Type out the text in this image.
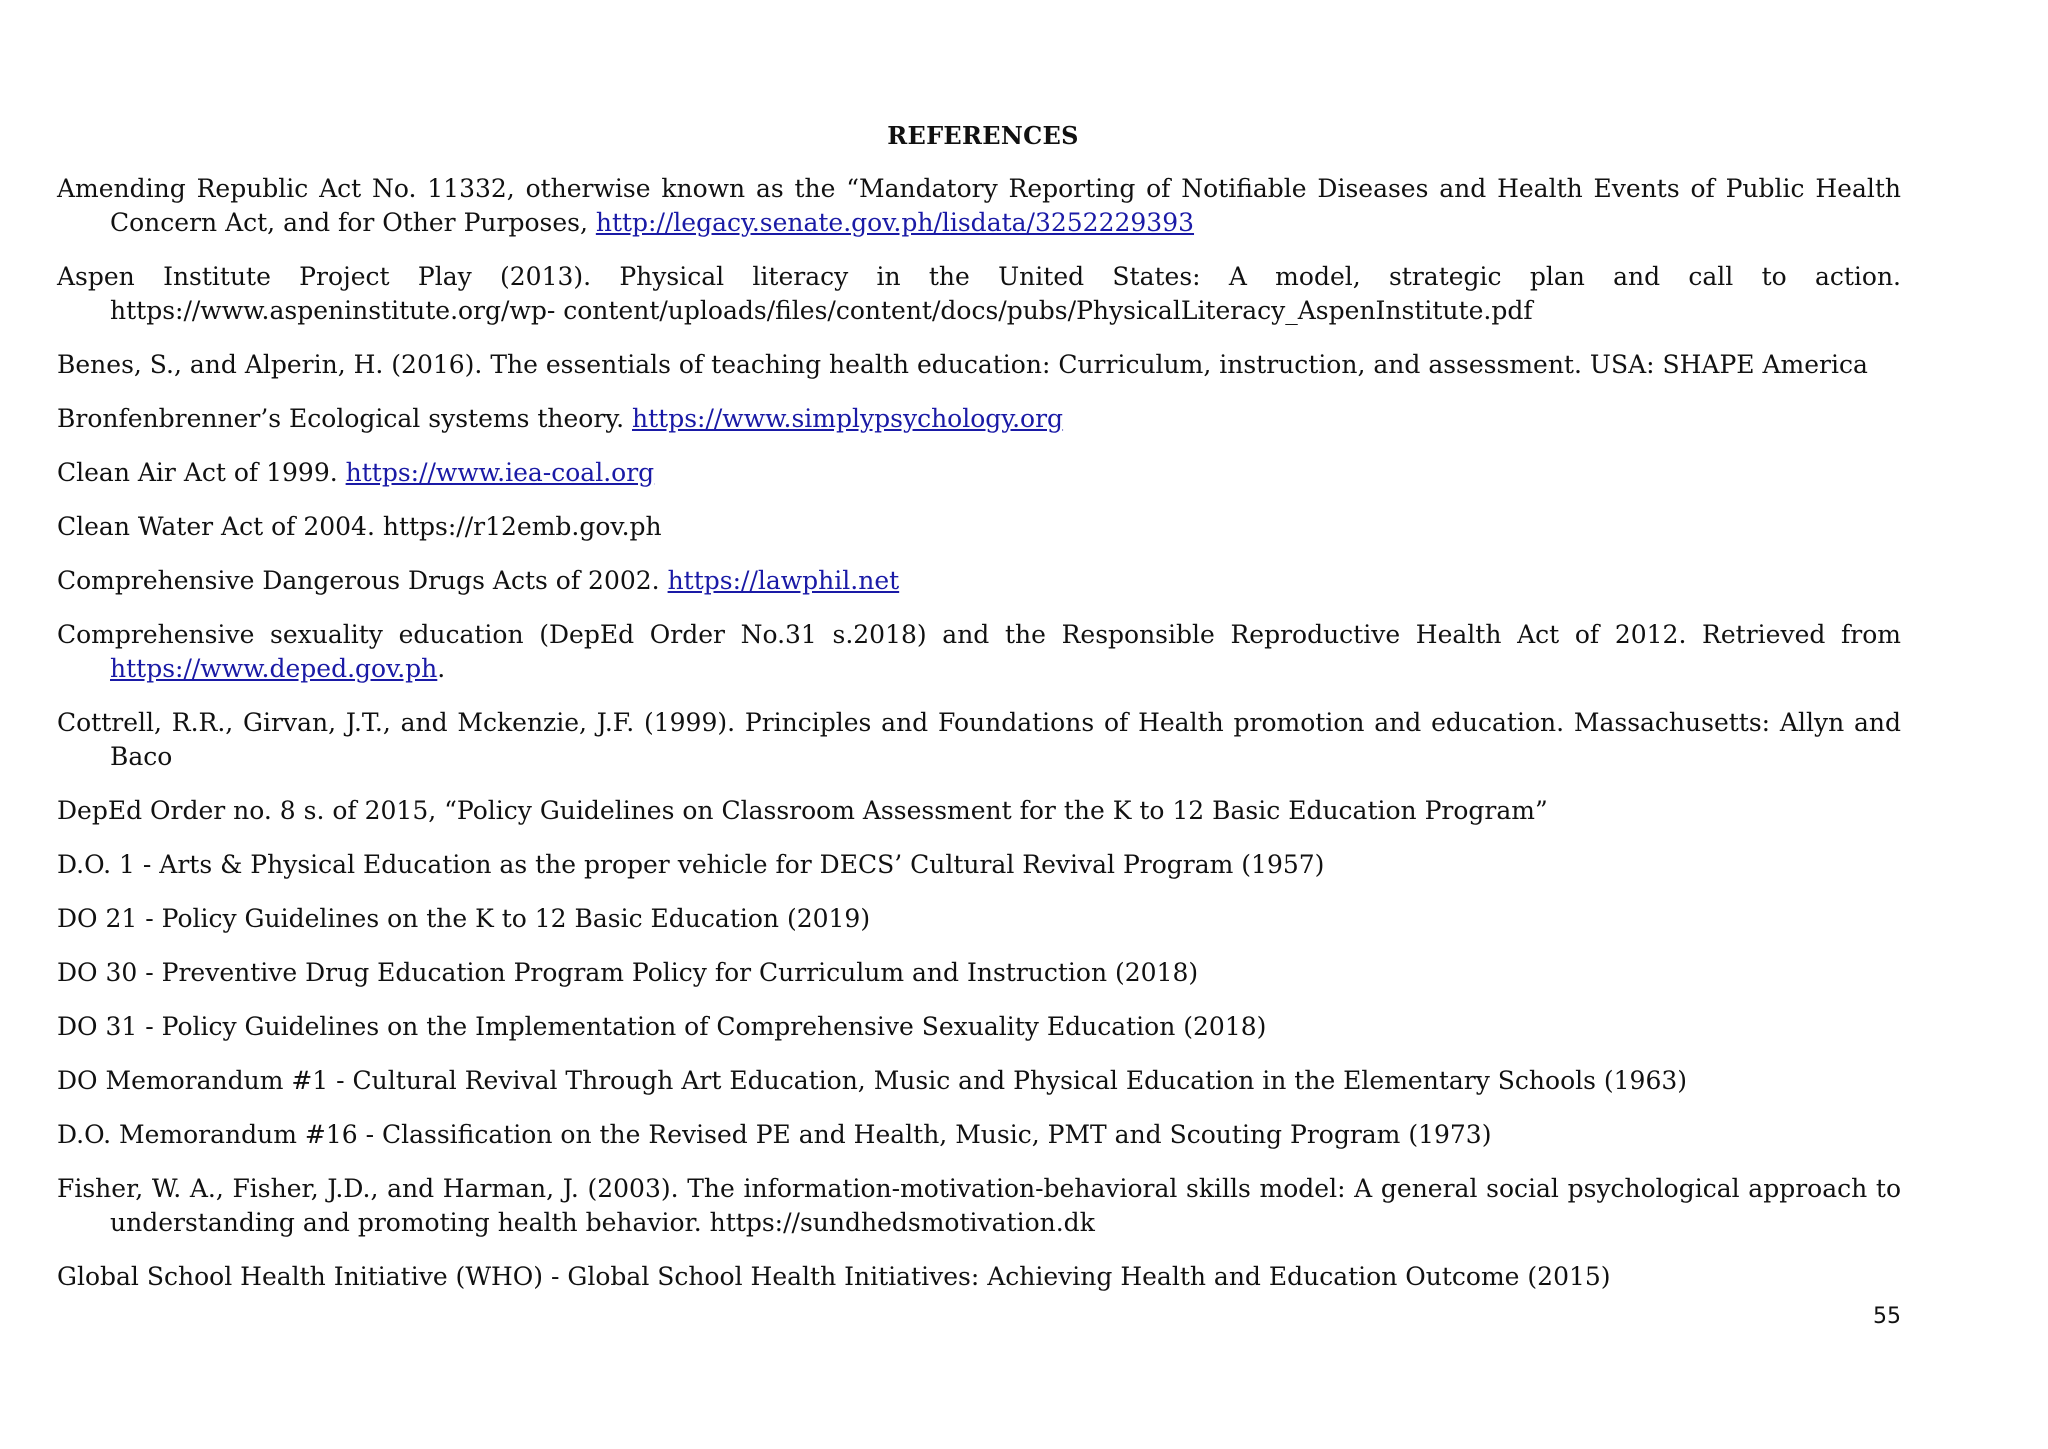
REFERENCES

Amending Republic Act No. 11332, otherwise known as the “Mandatory Reporting of Notifiable Diseases and Health Events of Public Health Concern Act, and for Other Purposes, http://legacy.senate.gov.ph/lisdata/3252229393

Aspen Institute Project Play (2013). Physical literacy in the United States: A model, strategic plan and call to action. https://www.aspeninstitute.org/wp- content/uploads/files/content/docs/pubs/PhysicalLiteracy_AspenInstitute.pdf

Benes, S., and Alperin, H. (2016). The essentials of teaching health education: Curriculum, instruction, and assessment. USA: SHAPE America

Bronfenbrenner’s Ecological systems theory. https://www.simplypsychology.org

Clean Air Act of 1999. https://www.iea-coal.org

Clean Water Act of 2004. https://r12emb.gov.ph

Comprehensive Dangerous Drugs Acts of 2002. https://lawphil.net

Comprehensive sexuality education (DepEd Order No.31 s.2018) and the Responsible Reproductive Health Act of 2012. Retrieved from https://www.deped.gov.ph.

Cottrell, R.R., Girvan, J.T., and Mckenzie, J.F. (1999). Principles and Foundations of Health promotion and education. Massachusetts: Allyn and Baco

DepEd Order no. 8 s. of 2015, “Policy Guidelines on Classroom Assessment for the K to 12 Basic Education Program”

D.O. 1 - Arts & Physical Education as the proper vehicle for DECS’ Cultural Revival Program (1957)

DO 21 - Policy Guidelines on the K to 12 Basic Education (2019)

DO 30 - Preventive Drug Education Program Policy for Curriculum and Instruction (2018)

DO 31 - Policy Guidelines on the Implementation of Comprehensive Sexuality Education (2018)

DO Memorandum #1 - Cultural Revival Through Art Education, Music and Physical Education in the Elementary Schools (1963)

D.O. Memorandum #16 - Classification on the Revised PE and Health, Music, PMT and Scouting Program (1973)

Fisher, W. A., Fisher, J.D., and Harman, J. (2003). The information-motivation-behavioral skills model: A general social psychological approach to understanding and promoting health behavior. https://sundhedsmotivation.dk

Global School Health Initiative (WHO) - Global School Health Initiatives: Achieving Health and Education Outcome (2015)

55
